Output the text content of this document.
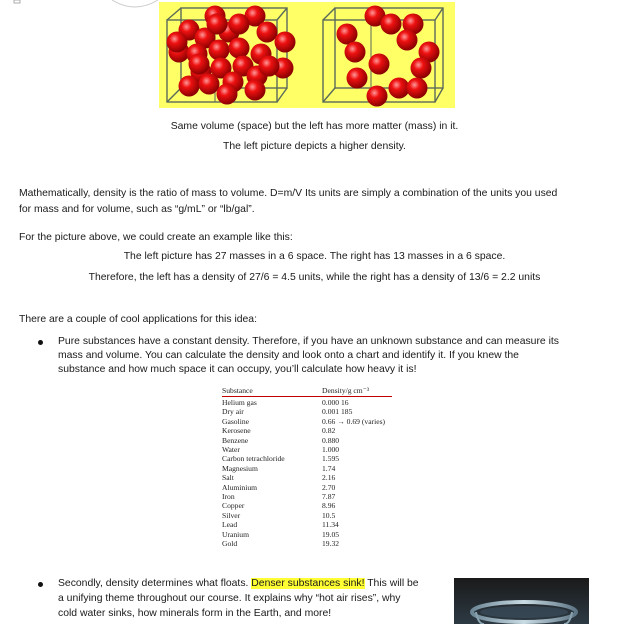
Same volume (space) but the left has more matter (mass) in it.
The left picture depicts a higher density.
Mathematically, density is the ratio of mass to volume. D=m/V Its units are simply a combination of the units you used
for mass and for volume, such as “g/mL” or “lb/gal”.
For the picture above, we could create an example like this:
The left picture has 27 masses in a 6 space. The right has 13 masses in a 6 space.
Therefore, the left has a density of 27/6 = 4.5 units, while the right has a density of 13/6 = 2.2 units
There are a couple of cool applications for this idea:
Pure substances have a constant density. Therefore, if you have an unknown substance and can measure its
mass and volume. You can calculate the density and look onto a chart and identify it. If you knew the
substance and how much space it can occupy, you’ll calculate how heavy it is!
Substance	Density/g cm⁻³
Helium gas	0.000 16
Dry air	0.001 185
Gasoline	0.66 → 0.69 (varies)
Kerosene	0.82
Benzene	0.880
Water	1.000
Carbon tetrachloride	1.595
Magnesium	1.74
Salt	2.16
Aluminium	2.70
Iron	7.87
Copper	8.96
Silver	10.5
Lead	11.34
Uranium	19.05
Gold	19.32
Secondly, density determines what floats. Denser substances sink! This will be
a unifying theme throughout our course. It explains why “hot air rises”, why
cold water sinks, how minerals form in the Earth, and more!
